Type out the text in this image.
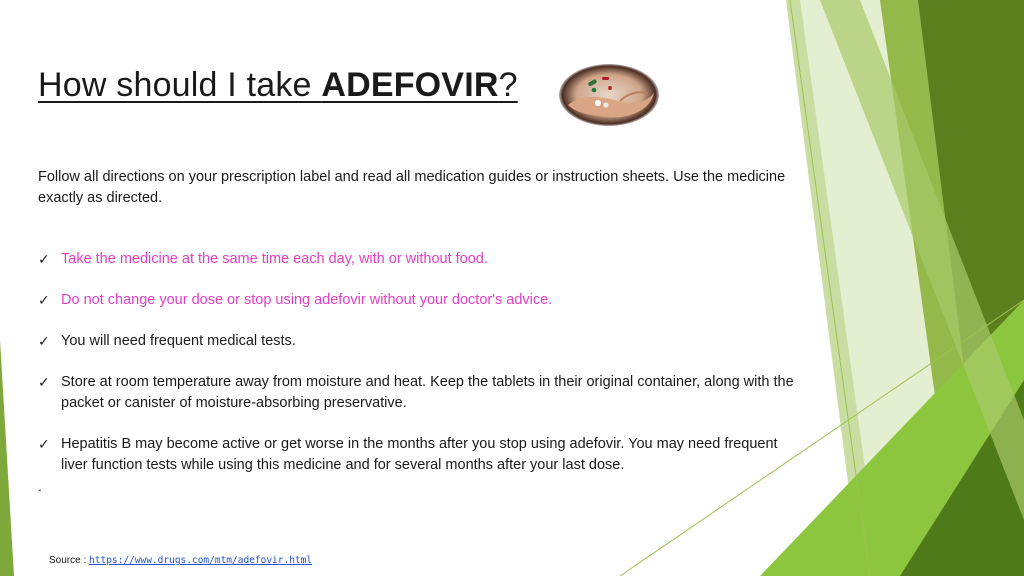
How should I take ADEFOVIR?
Follow all directions on your prescription label and read all medication guides or instruction sheets. Use the medicine exactly as directed.
✓ Take the medicine at the same time each day, with or without food.
✓ Do not change your dose or stop using adefovir without your doctor's advice.
✓ You will need frequent medical tests.
✓ Store at room temperature away from moisture and heat. Keep the tablets in their original container, along with the packet or canister of moisture-absorbing preservative.
✓ Hepatitis B may become active or get worse in the months after you stop using adefovir. You may need frequent liver function tests while using this medicine and for several months after your last dose.
.
Source : https://www.drugs.com/mtm/adefovir.html
